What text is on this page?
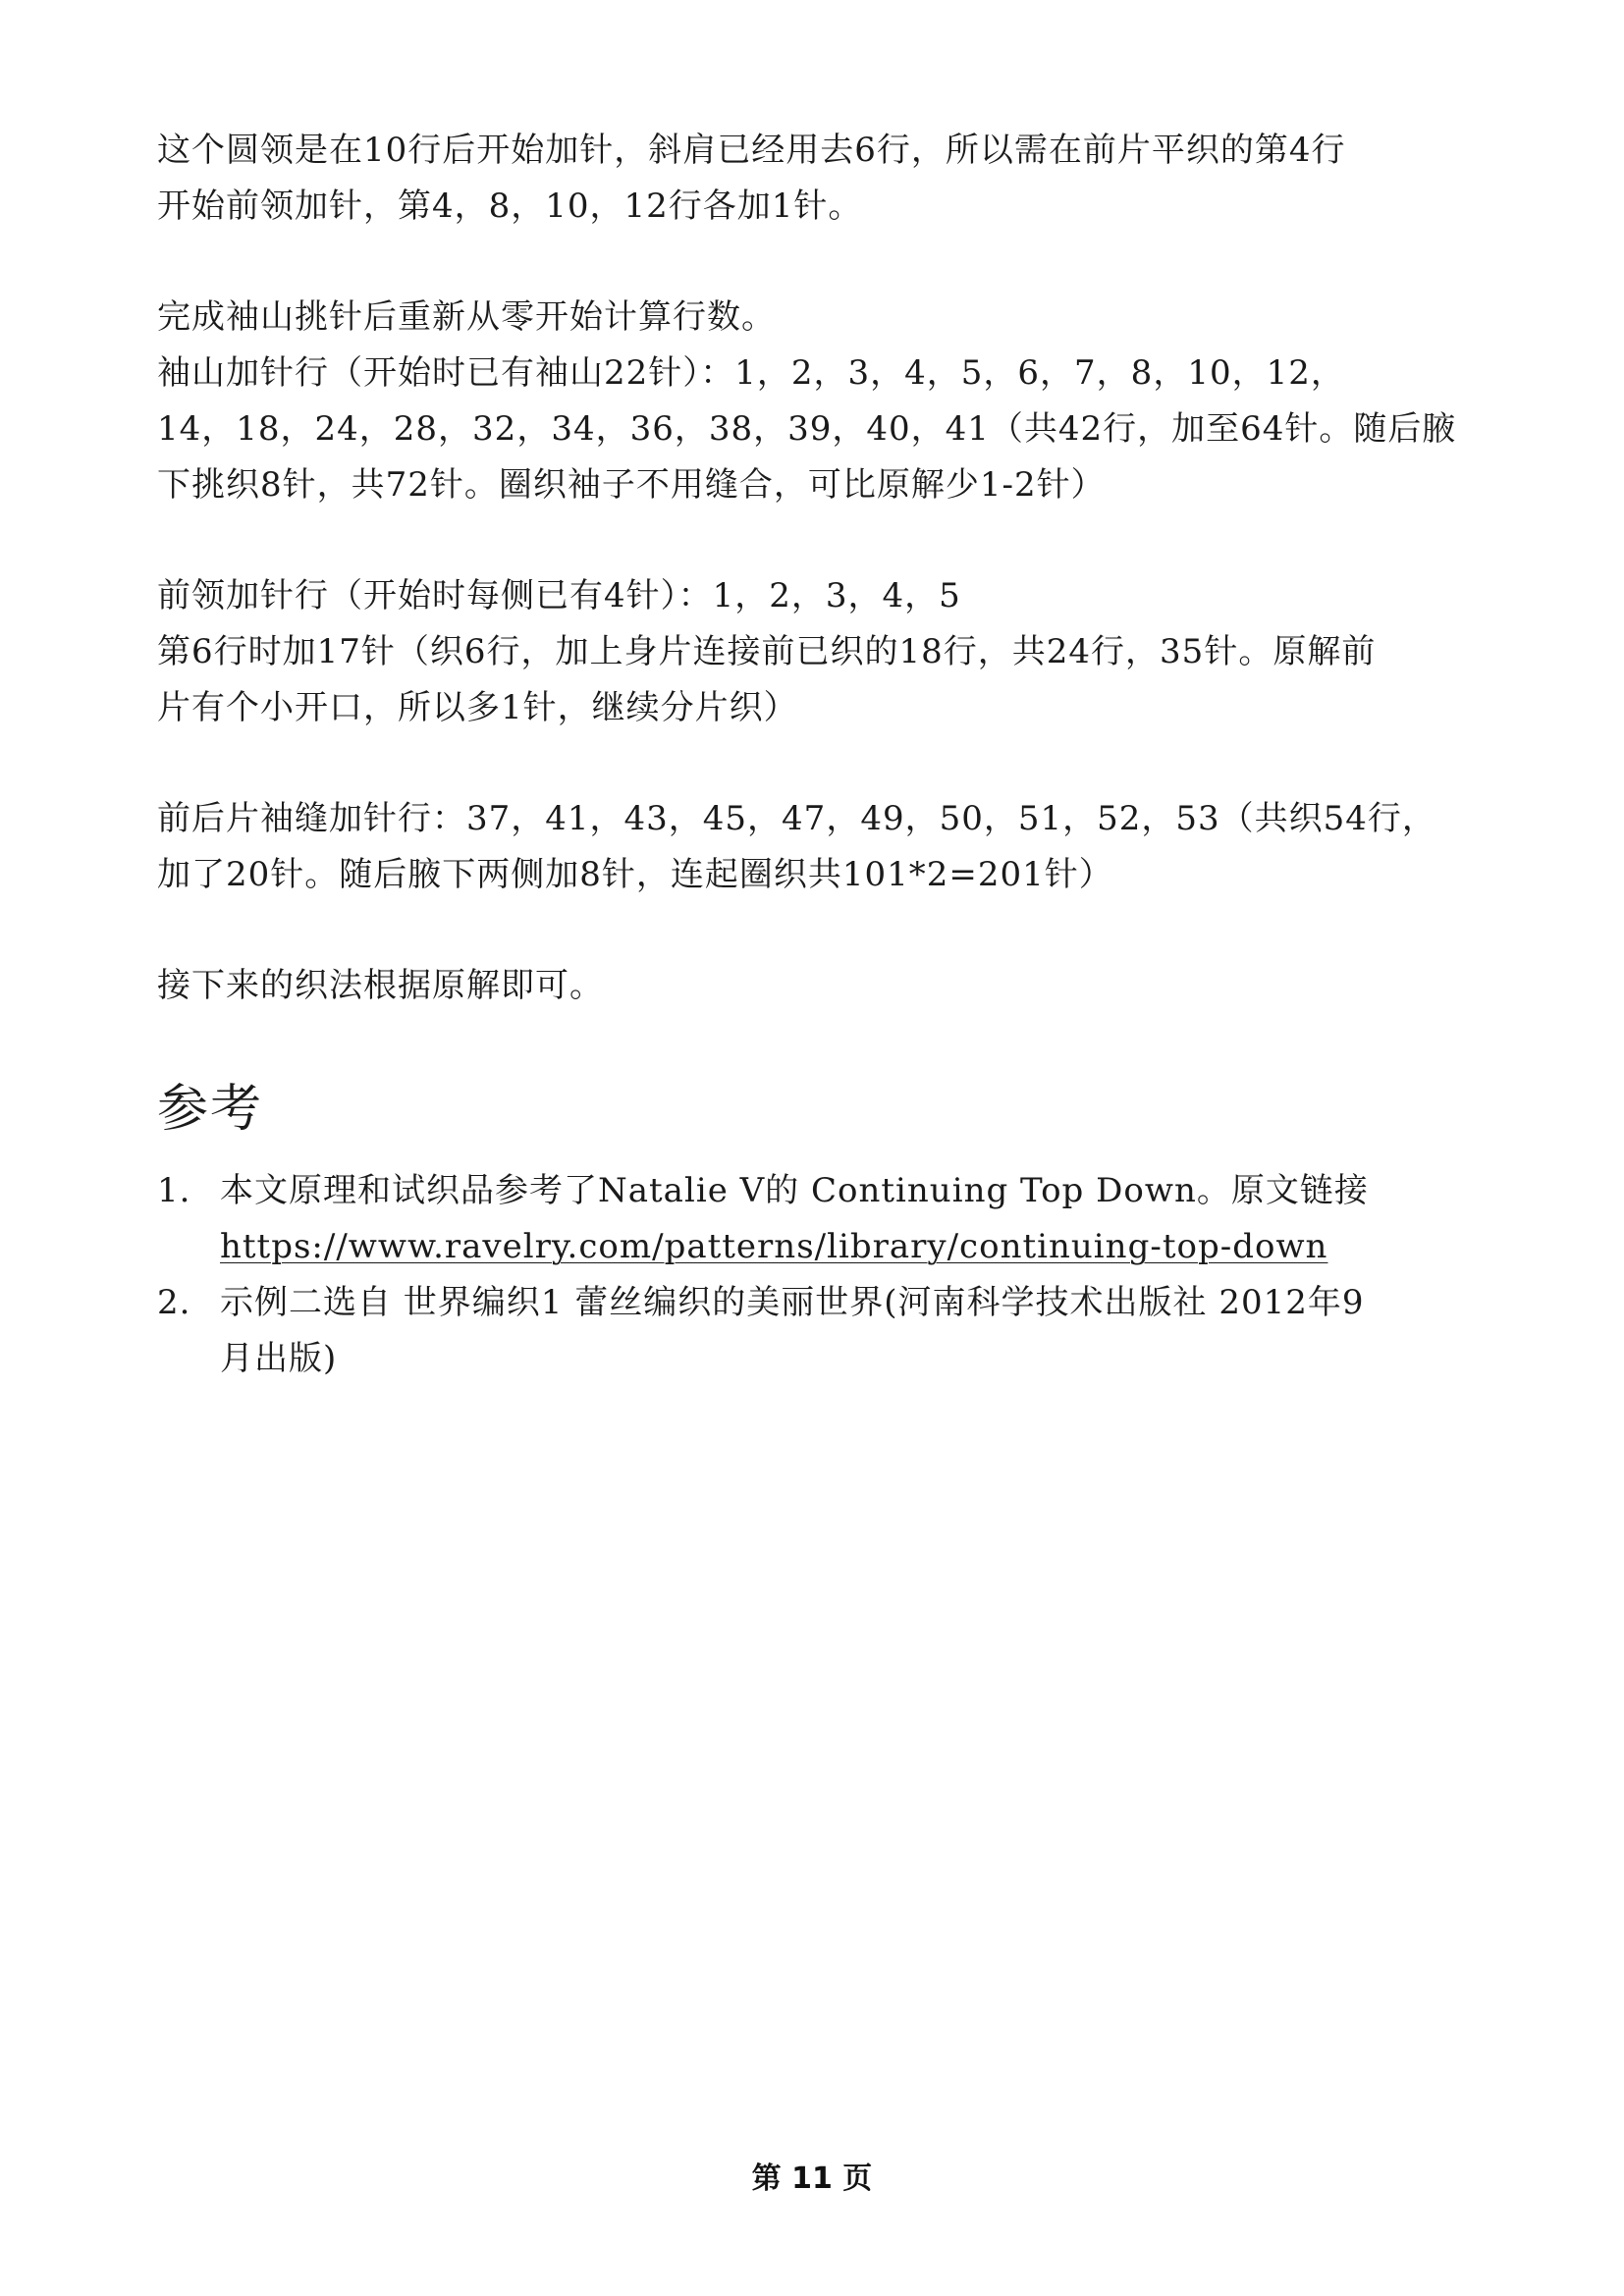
这个圆领是在10行后开始加针，斜肩已经用去6行，所以需在前片平织的第4行

开始前领加针，第4，8，10，12行各加1针。

完成袖山挑针后重新从零开始计算行数。

袖山加针行（开始时已有袖山22针）：1，2，3，4，5，6，7，8，10，12，

14，18，24，28，32，34，36，38，39，40，41（共42行，加至64针。随后腋

下挑织8针，共72针。圈织袖子不用缝合，可比原解少1-2针）

前领加针行（开始时每侧已有4针）：1，2，3，4，5

第6行时加17针（织6行，加上身片连接前已织的18行，共24行，35针。原解前

片有个小开口，所以多1针，继续分片织）

前后片袖缝加针行：37，41，43，45，47，49，50，51，52，53（共织54行，

加了20针。随后腋下两侧加8针，连起圈织共101*2=201针）

接下来的织法根据原解即可。

参考
1. 本文原理和试织品参考了Natalie V的 Continuing Top Down。原文链接
https://www.ravelry.com/patterns/library/continuing-top-down
2. 示例二选自 世界编织1 蕾丝编织的美丽世界(河南科学技术出版社 2012年9
月出版)
第 11 页
